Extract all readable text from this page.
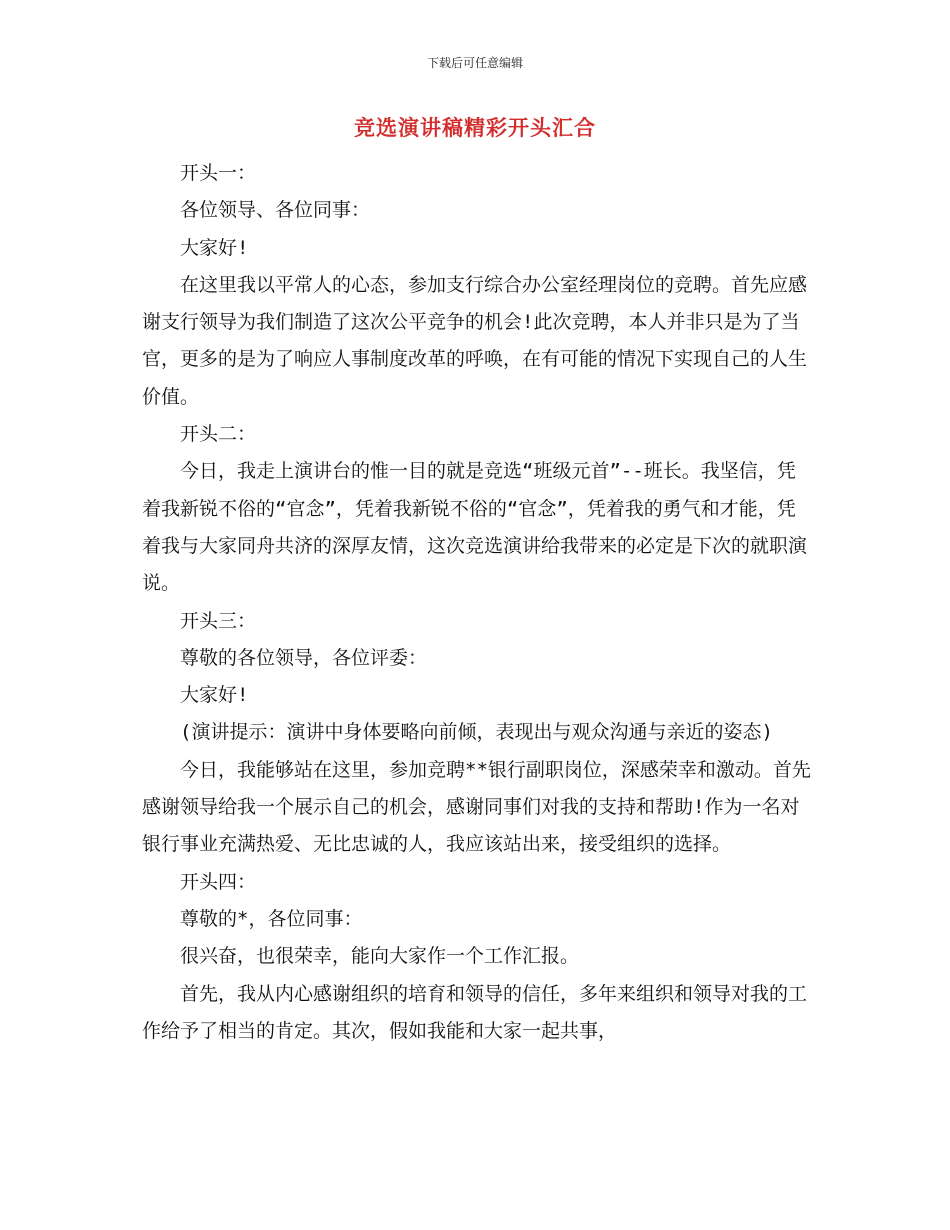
下载后可任意编辑
竞选演讲稿精彩开头汇合

开头一：

各位领导、各位同事：

大家好!

在这里我以平常人的心态，参加支行综合办公室经理岗位的竞聘。首先应感谢支行领导为我们制造了这次公平竞争的机会!此次竞聘，本人并非只是为了当官，更多的是为了响应人事制度改革的呼唤，在有可能的情况下实现自己的人生价值。

开头二：

今日，我走上演讲台的惟一目的就是竞选“班级元首”--班长。我坚信，凭着我新锐不俗的“官念”，凭着我新锐不俗的“官念”，凭着我的勇气和才能，凭着我与大家同舟共济的深厚友情，这次竞选演讲给我带来的必定是下次的就职演说。

开头三：

尊敬的各位领导，各位评委：

大家好!

(演讲提示：演讲中身体要略向前倾，表现出与观众沟通与亲近的姿态)

今日，我能够站在这里，参加竞聘**银行副职岗位，深感荣幸和激动。首先感谢领导给我一个展示自己的机会，感谢同事们对我的支持和帮助!作为一名对银行事业充满热爱、无比忠诚的人，我应该站出来，接受组织的选择。

开头四：

尊敬的*，各位同事：

很兴奋，也很荣幸，能向大家作一个工作汇报。

首先，我从内心感谢组织的培育和领导的信任，多年来组织和领导对我的工作给予了相当的肯定。其次，假如我能和大家一起共事，
